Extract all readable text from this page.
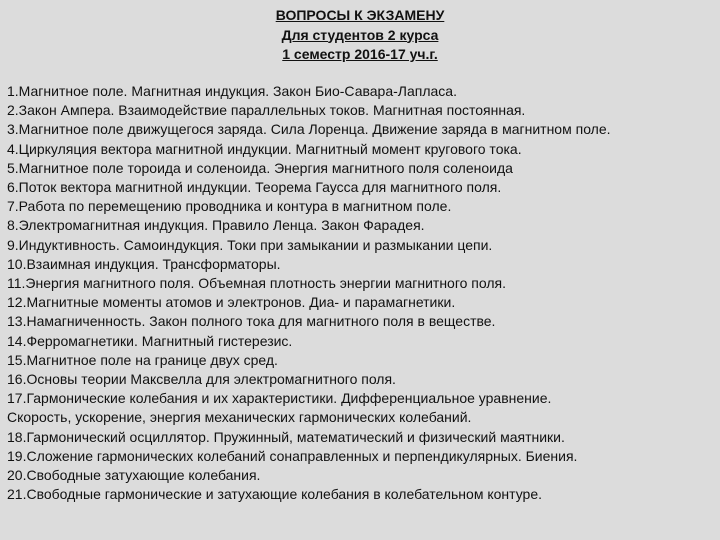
ВОПРОСЫ К ЭКЗАМЕНУ
Для студентов 2 курса
1 семестр 2016-17 уч.г.
1.Магнитное поле. Магнитная индукция. Закон Био-Савара-Лапласа.
2.Закон Ампера. Взаимодействие параллельных токов. Магнитная постоянная.
3.Магнитное поле движущегося заряда. Сила Лоренца. Движение заряда в магнитном поле.
4.Циркуляция вектора магнитной индукции. Магнитный момент кругового тока.
5.Магнитное поле тороида и соленоида. Энергия магнитного поля соленоида
6.Поток вектора магнитной индукции. Теорема Гаусса для магнитного поля.
7.Работа по перемещению проводника и контура в магнитном поле.
8.Электромагнитная индукция. Правило Ленца. Закон Фарадея.
9.Индуктивность. Самоиндукция. Токи при замыкании и размыкании цепи.
10.Взаимная индукция. Трансформаторы.
11.Энергия магнитного поля. Объемная плотность энергии магнитного поля.
12.Магнитные моменты атомов и электронов. Диа- и парамагнетики.
13.Намагниченность. Закон полного тока для магнитного поля в веществе.
14.Ферромагнетики. Магнитный гистерезис.
15.Магнитное поле на границе двух сред.
16.Основы теории Максвелла для электромагнитного поля.
17.Гармонические колебания и их характеристики. Дифференциальное уравнение.
Скорость, ускорение, энергия механических гармонических колебаний.
18.Гармонический осциллятор. Пружинный, математический и физический маятники.
19.Сложение гармонических колебаний сонаправленных и перпендикулярных. Биения.
20.Свободные затухающие колебания.
21.Свободные гармонические и затухающие колебания в колебательном контуре.
